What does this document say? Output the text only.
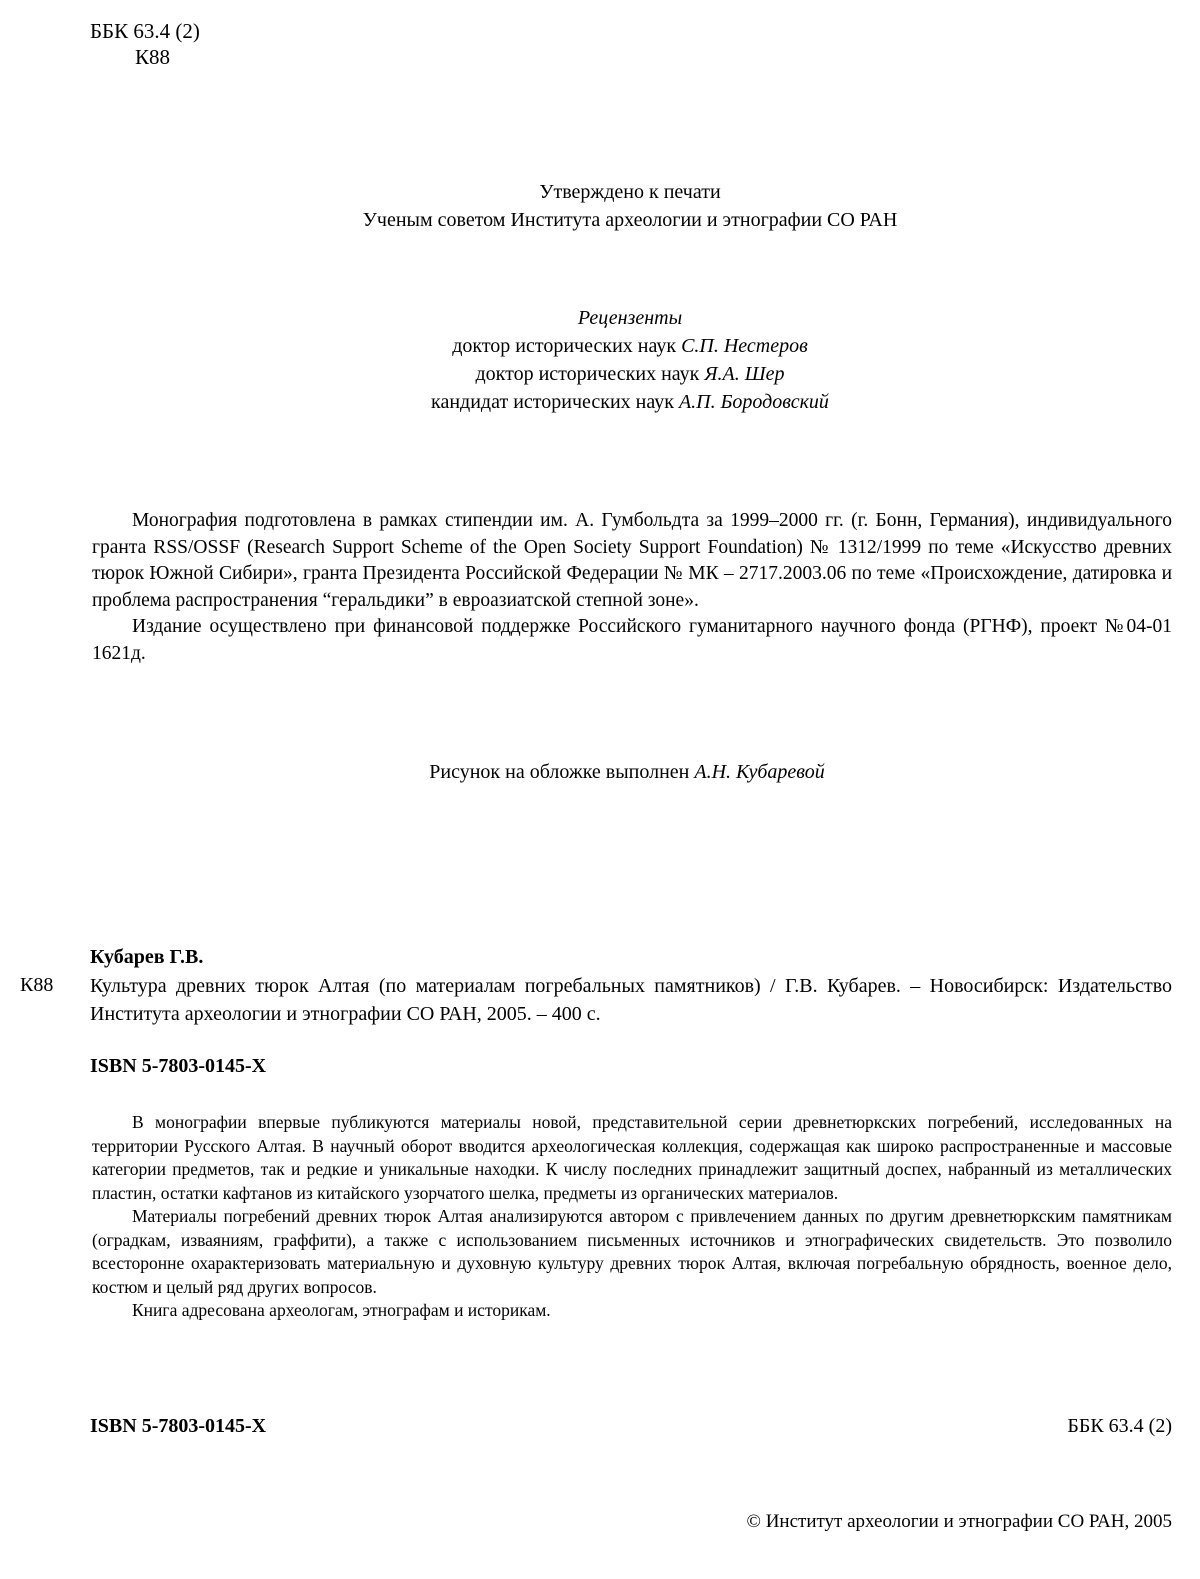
ББК 63.4 (2)
К88
Утверждено к печати
Ученым советом Института археологии и этнографии СО РАН
Рецензенты
доктор исторических наук С.П. Нестеров
доктор исторических наук Я.А. Шер
кандидат исторических наук А.П. Бородовский

Монография подготовлена в рамках стипендии им. А. Гумбольдта за 1999–2000 гг. (г. Бонн, Германия), индивидуального гранта RSS/OSSF (Research Support Scheme of the Open Society Support Foundation) № 1312/1999 по теме «Искусство древних тюрок Южной Сибири», гранта Президента Российской Федерации № МК – 2717.2003.06 по теме «Происхождение, датировка и проблема распространения “геральдики” в евроазиатской степной зоне».

Издание осуществлено при финансовой поддержке Российского гуманитарного научного фонда (РГНФ), проект №04-01 1621д.

Рисунок на обложке выполнен А.Н. Кубаревой
Кубарев Г.В.
К88 Культура древних тюрок Алтая (по материалам погребальных памятников) / Г.В. Кубарев. – Новосибирск: Издательство Института археологии и этнографии СО РАН, 2005. – 400 с.
ISBN 5-7803-0145-X

В монографии впервые публикуются материалы новой, представительной серии древнетюркских погребений, исследованных на территории Русского Алтая. В научный оборот вводится археологическая коллекция, содержащая как широко распространенные и массовые категории предметов, так и редкие и уникальные находки. К числу последних принадлежит защитный доспех, набранный из металлических пластин, остатки кафтанов из китайского узорчатого шелка, предметы из органических материалов.

Материалы погребений древних тюрок Алтая анализируются автором с привлечением данных по другим древнетюркским памятникам (оградкам, изваяниям, граффити), а также с использованием письменных источников и этнографических свидетельств. Это позволило всесторонне охарактеризовать материальную и духовную культуру древних тюрок Алтая, включая погребальную обрядность, военное дело, костюм и целый ряд других вопросов.

Книга адресована археологам, этнографам и историкам.

ISBN 5-7803-0145-X	ББК 63.4 (2)
© Институт археологии и этнографии СО РАН, 2005
